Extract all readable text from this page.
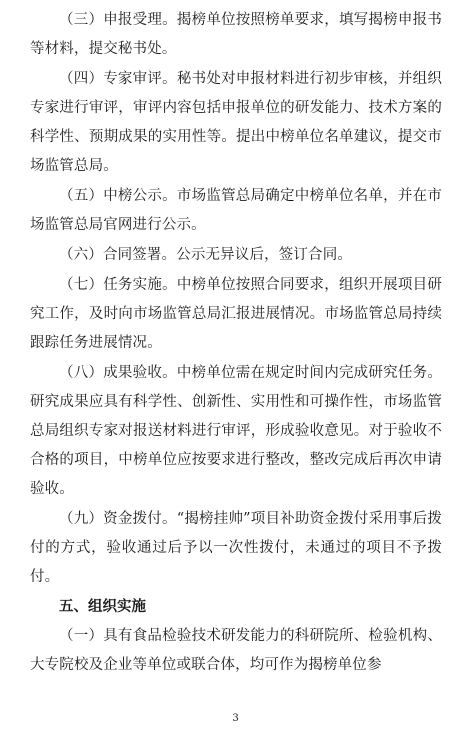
（三）申报受理。揭榜单位按照榜单要求，填写揭榜申报书等材料，提交秘书处。

（四）专家审评。秘书处对申报材料进行初步审核，并组织专家进行审评，审评内容包括申报单位的研发能力、技术方案的科学性、预期成果的实用性等。提出中榜单位名单建议，提交市场监管总局。

（五）中榜公示。市场监管总局确定中榜单位名单，并在市场监管总局官网进行公示。

（六）合同签署。公示无异议后，签订合同。

（七）任务实施。中榜单位按照合同要求，组织开展项目研究工作，及时向市场监管总局汇报进展情况。市场监管总局持续跟踪任务进展情况。

（八）成果验收。中榜单位需在规定时间内完成研究任务。研究成果应具有科学性、创新性、实用性和可操作性，市场监管总局组织专家对报送材料进行审评，形成验收意见。对于验收不合格的项目，中榜单位应按要求进行整改，整改完成后再次申请验收。

（九）资金拨付。“揭榜挂帅”项目补助资金拨付采用事后拨付的方式，验收通过后予以一次性拨付，未通过的项目不予拨付。

五、组织实施

（一）具有食品检验技术研发能力的科研院所、检验机构、大专院校及企业等单位或联合体，均可作为揭榜单位参

3
